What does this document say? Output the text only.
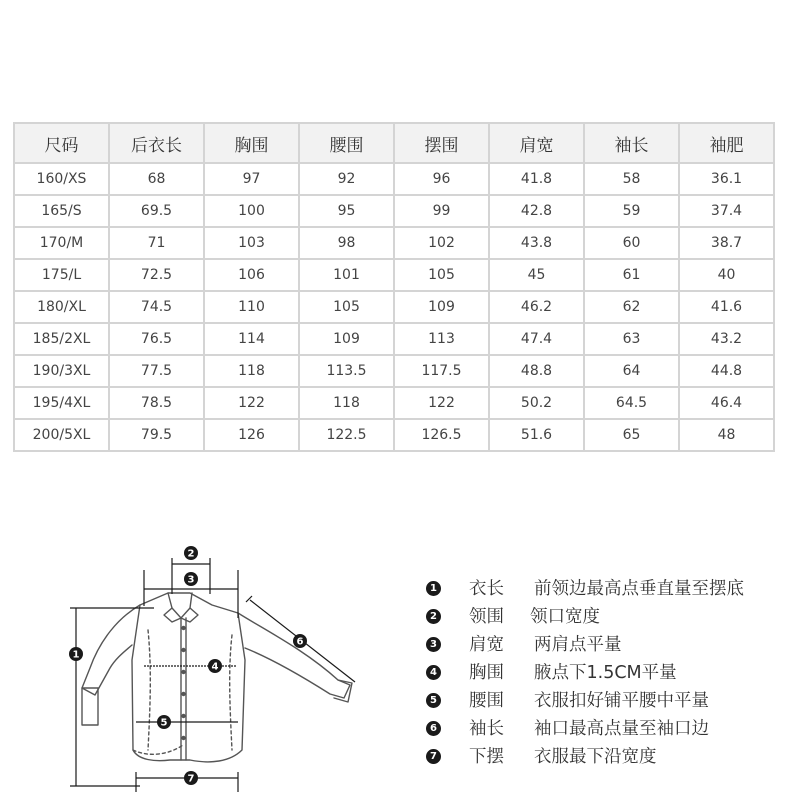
尺码	后衣长	胸围	腰围	摆围	肩宽	袖长	袖肥
160/XS	68	97	92	96	41.8	58	36.1
165/S	69.5	100	95	99	42.8	59	37.4
170/M	71	103	98	102	43.8	60	38.7
175/L	72.5	106	101	105	45	61	40
180/XL	74.5	110	105	109	46.2	62	41.6
185/2XL	76.5	114	109	113	47.4	63	43.2
190/3XL	77.5	118	113.5	117.5	48.8	64	44.8
195/4XL	78.5	122	118	122	50.2	64.5	46.4
200/5XL	79.5	126	122.5	126.5	51.6	65	48
2
3
1
4
5
6
7
1 衣长 前领边最高点垂直量至摆底
2 领围 领口宽度
3 肩宽 两肩点平量
4 胸围 腋点下1.5CM平量
5 腰围 衣服扣好铺平腰中平量
6 袖长 袖口最高点量至袖口边
7 下摆 衣服最下沿宽度
